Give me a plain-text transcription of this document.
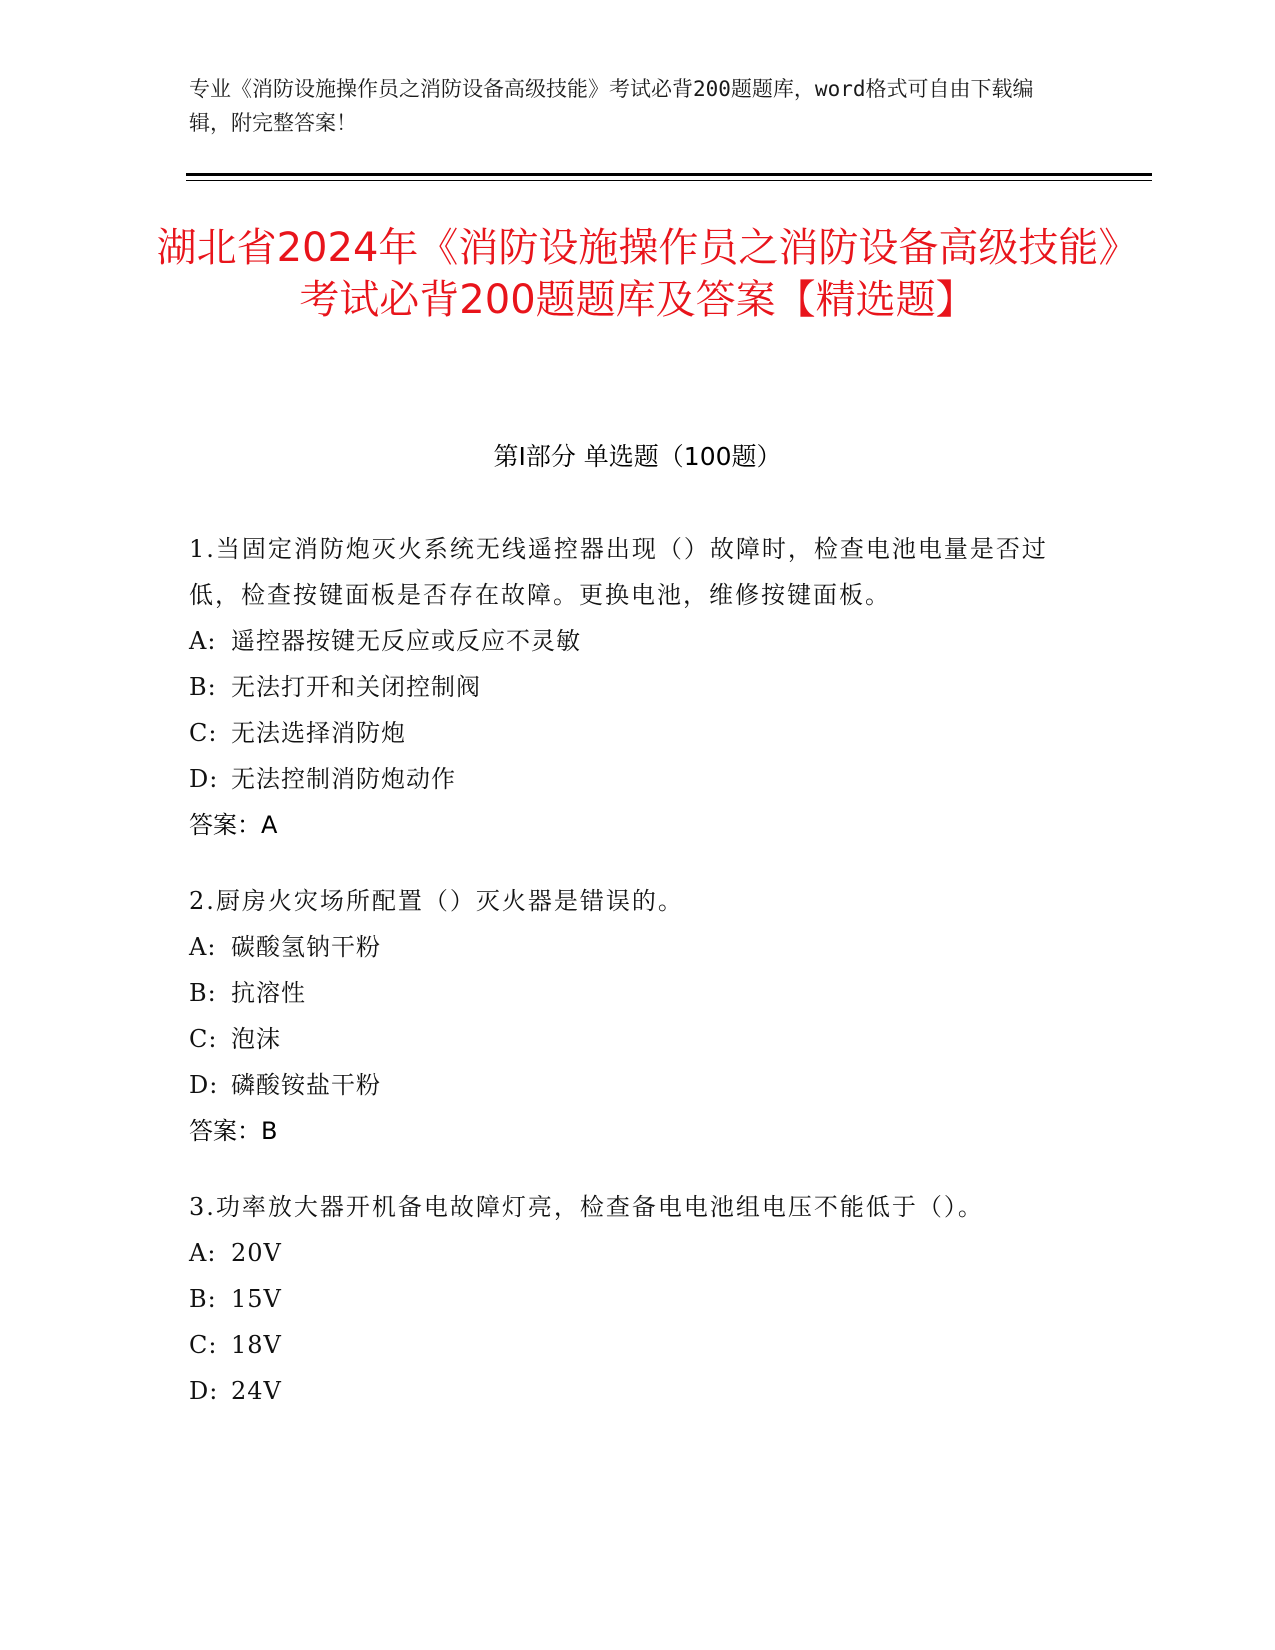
专业《消防设施操作员之消防设备高级技能》考试必背200题题库，word格式可自由下载编辑，附完整答案！
湖北省2024年《消防设施操作员之消防设备高级技能》考试必背200题题库及答案【精选题】
第Ⅰ部分 单选题（100题）
1.当固定消防炮灭火系统无线遥控器出现（）故障时，检查电池电量是否过低，检查按键面板是否存在故障。更换电池，维修按键面板。
A: 遥控器按键无反应或反应不灵敏
B: 无法打开和关闭控制阀
C: 无法选择消防炮
D: 无法控制消防炮动作
答案：A
2.厨房火灾场所配置（）灭火器是错误的。
A: 碳酸氢钠干粉
B: 抗溶性
C: 泡沫
D: 磷酸铵盐干粉
答案：B
3.功率放大器开机备电故障灯亮，检查备电电池组电压不能低于（）。
A: 20V
B: 15V
C: 18V
D: 24V
